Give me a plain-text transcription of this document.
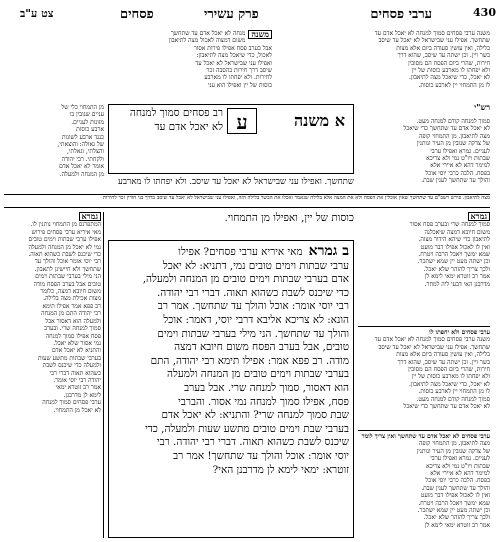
430
ערבי פסחים
פרק עשירי
פסחים
צט ע"ב
משנה ערבי פסחים סמוך למנחה לא יאכל אדם עד
שתחשך. אפילו עני שבישראל לא יאכל עד שיסב
בלילה, ואין עושין סעודה ביום אלא מצות
בשר ויין. וכן ישתה עד שיסב, שהוא דרך
חירות, שהרי ביום הפסח הם מסובין
ולא יפחתו לו מארבע כוסות של יין
לא יאכל, כדי שיאכל מצה לתיאבון.
לו מן התמחוי יין לארבע כוסות.
משנה
מנחה לא יאכל אדם עד שתחשך
משום דמצוה לאכול מצה לתיאבון
אבל בערב פסח אפילו פירות אסור
לאכול, כדי שיאכל מצה לתיאבון:
ואפילו עני שבישראל לא יאכל עד
שיסב דרך חירות בהסבה זכר
לחירות. ולא יפחתו לו מארבע
כוסות של יין ואפילו הוא עני
ע	א משנה
רב פסחים סמוך למנחה
לא יאכל אדם עד
שתחשך. ואפילו עני שבישראל לא יאכל עד שיסב. ולא יפחתו לו מארבע
רש"י
סמוך למנחה קודם למנחה מעט.
לא יאכל אדם עד שתחשך כדי שיאכל
מצה לתיאבון. מן התמחוי קופה
של צדקה שגובין מן העיר ונותנין
לעניים. גמרא ואפילו ערבי
שבתות ויו"ט נמי ולא צריכא
למימר דהא לא איירי אלא
בפסח. הלכה כרבי יוסי אוכל
והולך עד שתחשך לענין שבת.
מן התמחוי כלי של
עניים שגובין בו
מזונות לעניים.
ארבע כוסות
כנגד ארבע לשונות
של גאולה: והוצאתי,
והצלתי, וגאלתי,
ולקחתי. רבי יהודה
אומר לא יאכל אדם
מן המנחה ולמעלה.
מצה לתיאבון. פירש רשב"ם עד שתחשך שאין אוכלין את הפסח ולא את המצה אלא בלילה שנאמר ואכלו את הבשר בלילה הזה, ואפילו עני שבישראל לא יאכל עד שיסב כדרך בני חורין זכר לחירות
גמרא
המתפרנס מן התמחוי נותנין לו.
מאי איריא ערבי פסחים פירוש
אפילו ערבי שבתות וימים טובים
נמי לא יאכל מן המנחה ולמעלה
כדי שיכנס לשבת כשהוא תאוה.
רבי יוסי אומר אוכל והולך עד
שתחשך ולא חיישינן לתאבון.
הני מילי בערבי שבתות וימים
טובים אבל בערב הפסח מודה
משום חיובא דמצה, כלומר
מצות אכילת מצה בלילה.
רב פפא אמר אפילו תימא
רבי יהודה התם מן המנחה
ולמעלה הוא דאסור אבל
סמוך למנחה שרי. ובערב
פסח אפילו סמוך למנחה
נמי אסור שלא יאכל.
והתניא לא יאכל אדם
בערבי שבתות מתשע שעות
ולמעלה כדי שיכנס לשבת
כשהוא תאוה דברי רבי
יהודה רבי יוסי אומר.
אמר רב זוטרא ימאי
לימא לן מדרבנן.
ערבי פסחים סמוך למנחה
לא יאכל מן התמחוי.
ב גמראמאי איריא ערבי פסחים? אפילו
ערבי שבתות וימים טובים נמי, דתניא: לא יאכל
אדם בערבי שבתות וימים טובים מן המנחה ולמעלה,
כדי שיכנס לשבת כשהוא תאוה. דברי רבי יהודה.
רבי יוסי אומר: אוכל והולך עד שתחשך. אמר רב
הונא: לא צריכא אליבא דרבי יוסי, דאמר: אוכל
והולך עד שתחשך. הני מילי בערבי שבתות וימים
טובים, אבל בערב הפסח משום חיובא דמצה
מודה. רב פפא אמר: אפילו תימא רבי יהודה, התם
בערבי שבתות וימים טובים מן המנחה ולמעלה
הוא דאסור, סמוך למנחה שרי. אבל בערב
פסח, אפילו סמוך למנחה נמי אסור. והברבי
שבת סמוך למנחה שרי? והתניא: לא יאכל אדם
בערבי שבת וימים טובים מתשע שעות ולמעלה, כדי
שיכנס לשבת כשהוא תאוה. דברי רבי יהודה. רבי
יוסי אומר: אוכל והולך עד שתחשך! אמר רב
זוטרא: ימאי לימא לן מדרבנן האי?
כוסות של יין, ואפילו מן התמחוי.	גמרא
סמוך למנחה שרי ובערב פסח אסור
משום חיובא דמצה שיאכלנה
לתיאבון כדי שיהא הידור מצוה.
ואין לו לאכול אפילו דבר מועט
שמא ימשך ויאכל הרבה ויטרח.
וכן ישתה מעט יין שמא ישתכר.
ולכך צריך להזהר שלא יאכל.
אמר רב זוטרא ימאי לימא לן
מדרבנן האי דבעי ליה למחר.
ערבי פסחים ולא יחפתו לו
משנה ערבי פסחים סמוך למנחה לא יאכל אדם עד
שתחשך. אפילו עני שבישראל לא יאכל עד שיסב
בלילה, ואין עושין סעודה ביום אלא מצות
בשר ויין. וכן ישתה עד שיסב, שהוא דרך
חירות, שהרי ביום הפסח הם מסובין
ולא יפחתו לו מארבע כוסות של יין
לא יאכל, כדי שיאכל מצה לתיאבון.
לו מן התמחוי יין לארבע כוסות.
סמוך למנחה קודם למנחה מעט.
לא יאכל אדם עד שתחשך כדי שיאכל
ערבי פסחים לא יאכל אדם עד שתחשך ואין צריך לומר
מצה לתיאבון. מן התמחוי קופה
של צדקה שגובין מן העיר ונותנין
לעניים. גמרא ואפילו ערבי
שבתות ויו"ט נמי ולא צריכא
למימר דהא לא איירי אלא
בפסח. הלכה כרבי יוסי אוכל
והולך עד שתחשך לענין שבת.
ואין לו לאכול אפילו דבר מועט
שמא ימשך ויאכל הרבה ויטרח.
וכן ישתה מעט יין שמא ישתכר.
ולכך צריך להזהר שלא יאכל.
אמר רב זוטרא ימאי לימא לן
